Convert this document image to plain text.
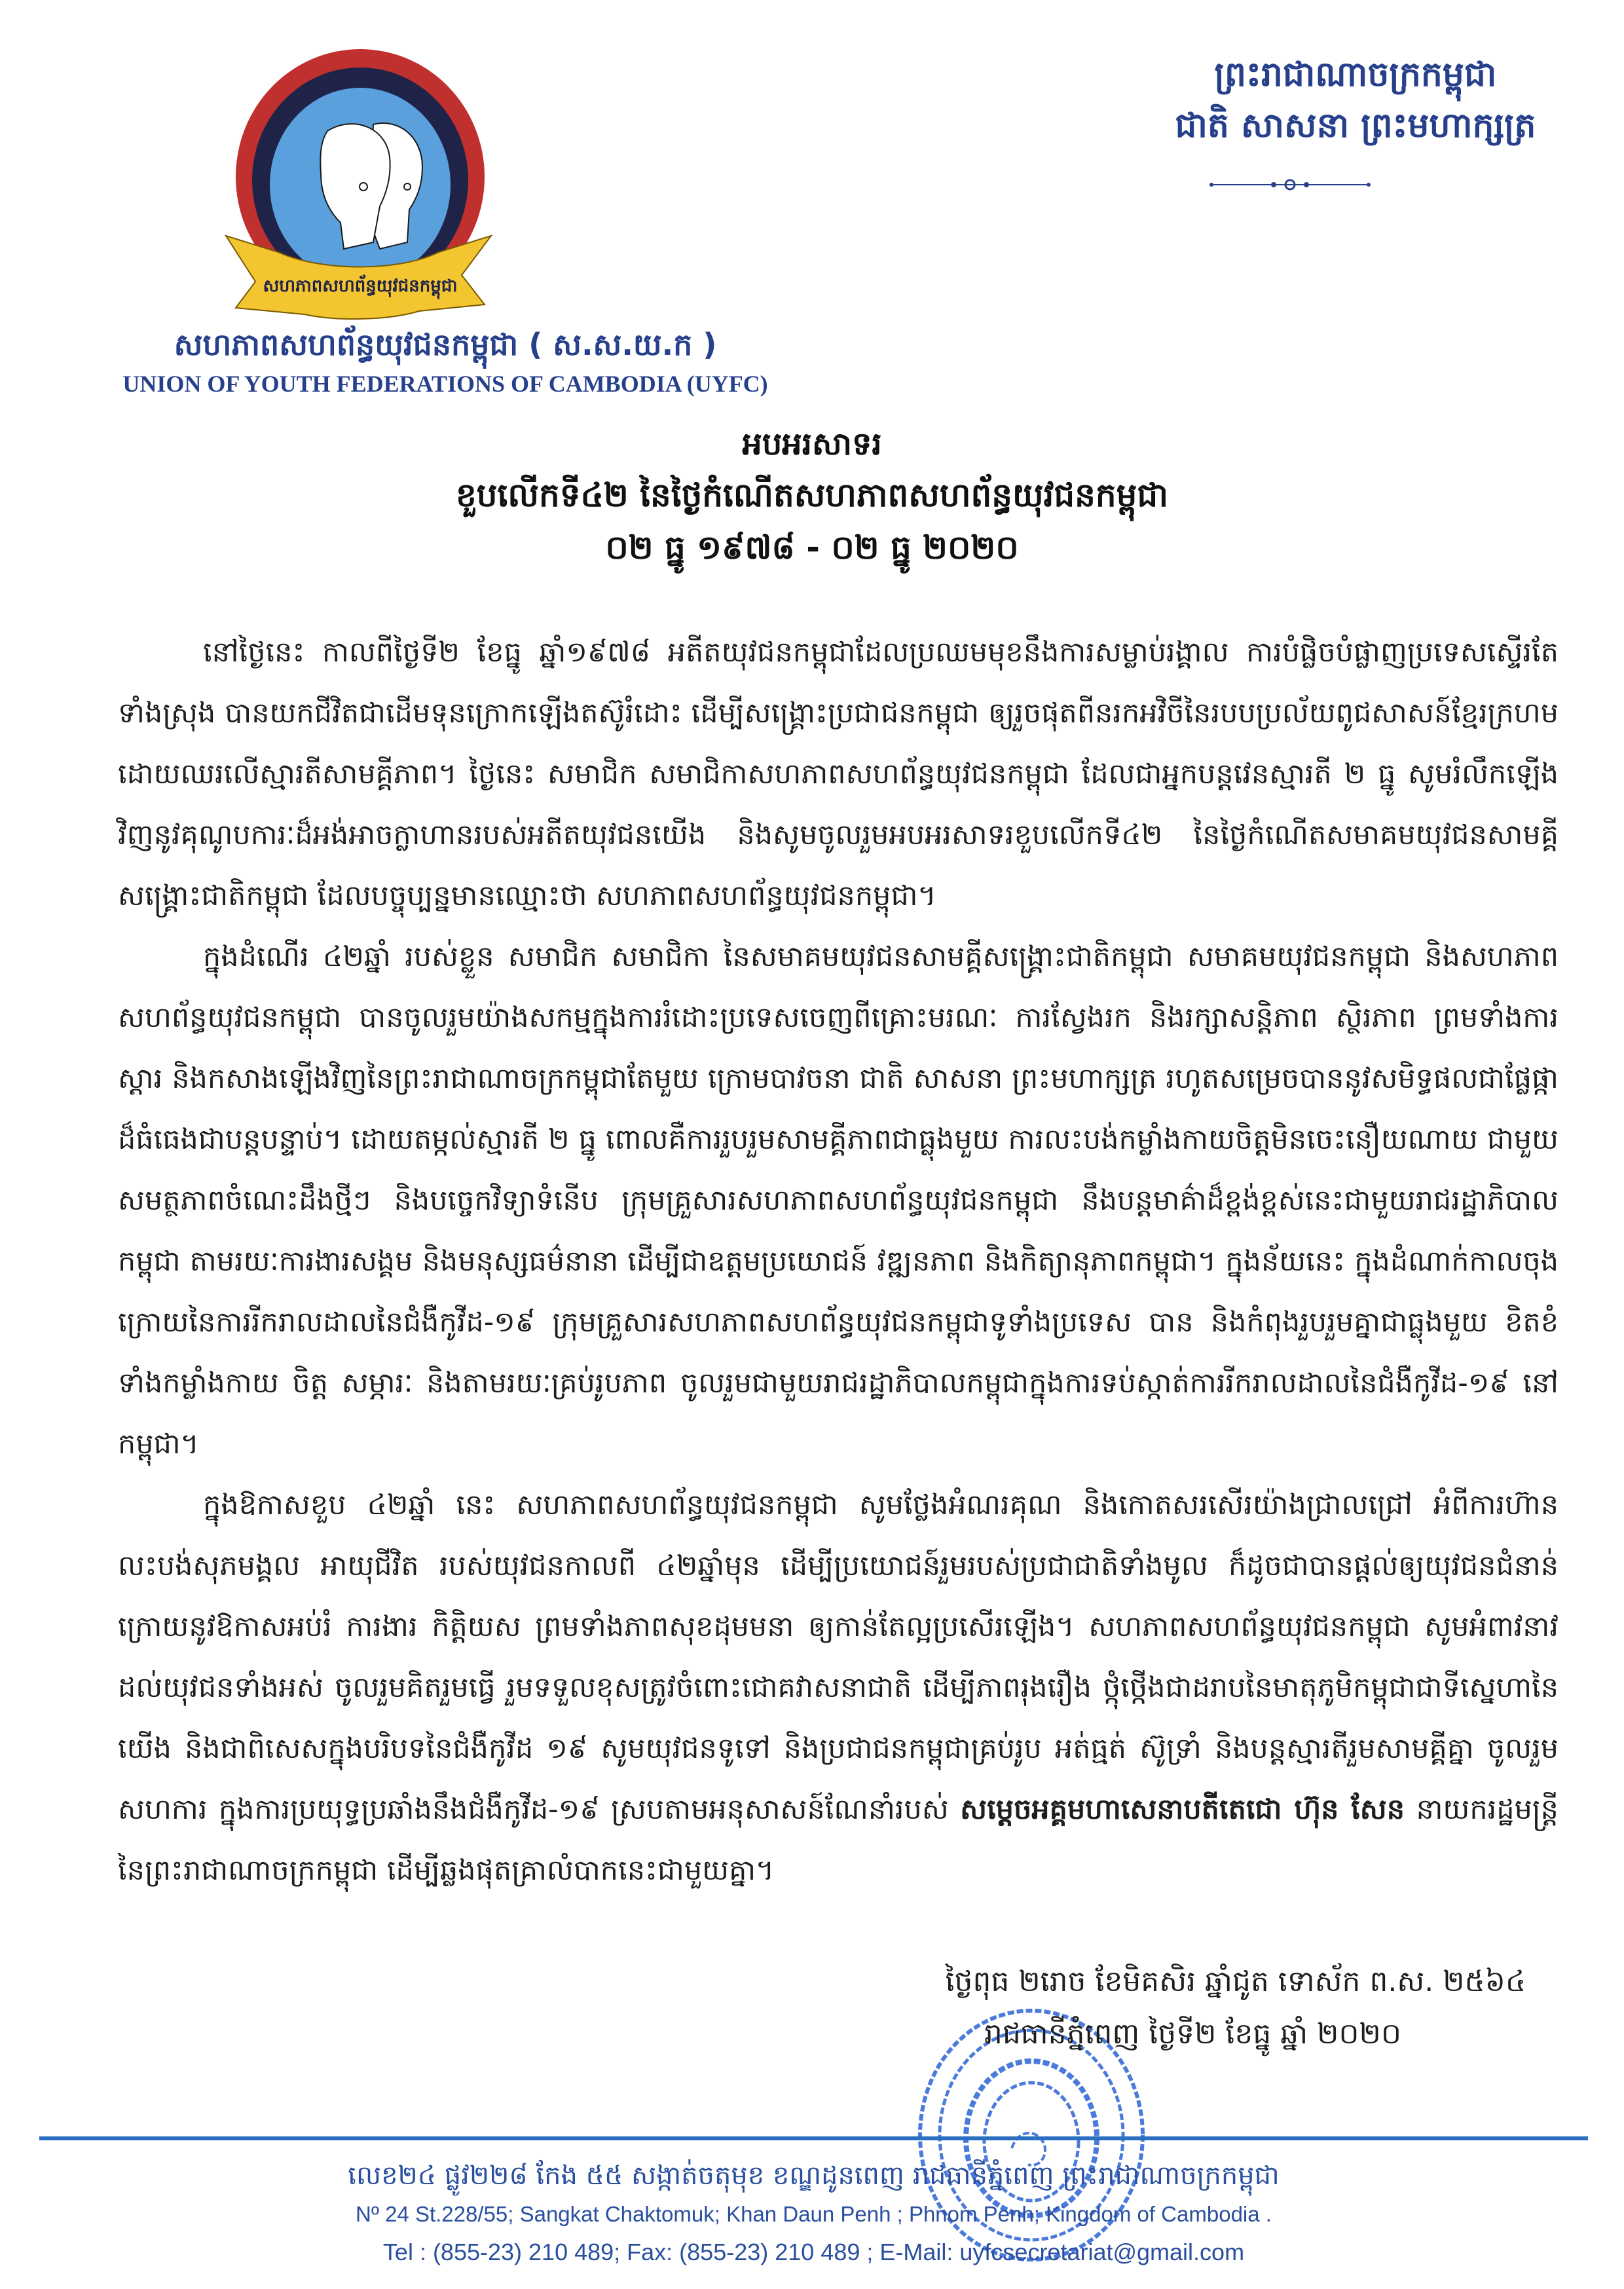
សហភាពសហព័ន្ធយុវជនកម្ពុជា
សហភាពសហព័ន្ធយុវជនកម្ពុជា ( ស.ស.យ.ក )
UNION OF YOUTH FEDERATIONS OF CAMBODIA (UYFC)
ព្រះរាជាណាចក្រកម្ពុជា
ជាតិ សាសនា ព្រះមហាក្សត្រ
អបអរសាទរ
ខួបលើកទី៤២ នៃថ្ងៃកំណើតសហភាពសហព័ន្ធយុវជនកម្ពុជា
០២ ធ្នូ ១៩៧៨ - ០២ ធ្នូ ២០២០

នៅថ្ងៃនេះ កាលពីថ្ងៃទី២ ខែធ្នូ ឆ្នាំ១៩៧៨ អតីតយុវជនកម្ពុជាដែលប្រឈមមុខនឹងការសម្លាប់រង្គាល ការបំផ្លិចបំផ្លាញប្រទេសស្ទើរតែទាំងស្រុង បានយកជីវិតជាដើមទុនក្រោកឡើងតស៊ូរំដោះ ដើម្បីសង្គ្រោះប្រជាជនកម្ពុជា ឲ្យរួចផុតពីនរកអវិចីនៃរបបប្រល័យពូជសាសន៍ខ្មែរក្រហម ដោយឈរលើស្មារតីសាមគ្គីភាព។ ថ្ងៃនេះ សមាជិក សមាជិកាសហភាពសហព័ន្ធយុវជនកម្ពុជា ដែលជាអ្នកបន្តវេនស្មារតី ២ ធ្នូ សូមរំលឹកឡើងវិញនូវគុណូបការៈដ៏អង់អាចក្លាហានរបស់អតីតយុវជនយើង និងសូមចូលរួមអបអរសាទរខួបលើកទី៤២ នៃថ្ងៃកំណើតសមាគមយុវជនសាមគ្គីសង្គ្រោះជាតិកម្ពុជា ដែលបច្ចុប្បន្នមានឈ្មោះថា សហភាពសហព័ន្ធយុវជនកម្ពុជា។

ក្នុងដំណើរ ៤២ឆ្នាំ របស់ខ្លួន សមាជិក សមាជិកា នៃសមាគមយុវជនសាមគ្គីសង្គ្រោះជាតិកម្ពុជា សមាគមយុវជនកម្ពុជា និងសហភាពសហព័ន្ធយុវជនកម្ពុជា បានចូលរួមយ៉ាងសកម្មក្នុងការរំដោះប្រទេសចេញពីគ្រោះមរណៈ ការស្វែងរក និងរក្សាសន្តិភាព ស្ថិរភាព ព្រមទាំងការស្តារ និងកសាងឡើងវិញនៃព្រះរាជាណាចក្រកម្ពុជាតែមួយ ក្រោមបាវចនា ជាតិ សាសនា ព្រះមហាក្សត្រ រហូតសម្រេចបាននូវសមិទ្ធផលជាផ្លែផ្កាដ៏ធំធេងជាបន្តបន្ទាប់។ ដោយតម្កល់ស្មារតី ២ ធ្នូ ពោលគឺការរួបរួមសាមគ្គីភាពជាធ្លុងមួយ ការលះបង់កម្លាំងកាយចិត្តមិនចេះនឿយណាយ ជាមួយសមត្ថភាពចំណេះដឹងថ្មីៗ និងបច្ចេកវិទ្យាទំនើប ក្រុមគ្រួសារសហភាពសហព័ន្ធយុវជនកម្ពុជា នឹងបន្តមាគ៌ាដ៏ខ្ពង់ខ្ពស់នេះជាមួយរាជរដ្ឋាភិបាលកម្ពុជា តាមរយៈការងារសង្គម និងមនុស្សធម៌នានា ដើម្បីជាឧត្តមប្រយោជន៍ វឌ្ឍនភាព និងកិត្យានុភាពកម្ពុជា។ ក្នុងន័យនេះ ក្នុងដំណាក់កាលចុងក្រោយនៃការរីករាលដាលនៃជំងឺកូវីដ-១៩ ក្រុមគ្រួសារសហភាពសហព័ន្ធយុវជនកម្ពុជាទូទាំងប្រទេស បាន និងកំពុងរួបរួមគ្នាជាធ្លុងមួយ ខិតខំ ទាំងកម្លាំងកាយ ចិត្ត សម្ភារៈ និងតាមរយៈគ្រប់រូបភាព ចូលរួមជាមួយរាជរដ្ឋាភិបាលកម្ពុជាក្នុងការទប់ស្កាត់ការរីករាលដាលនៃជំងឺកូវីដ-១៩ នៅកម្ពុជា។

ក្នុងឱកាសខួប ៤២ឆ្នាំ នេះ សហភាពសហព័ន្ធយុវជនកម្ពុជា សូមថ្លែងអំណរគុណ និងកោតសរសើរយ៉ាងជ្រាលជ្រៅ អំពីការហ៊ានលះបង់សុភមង្គល អាយុជីវិត របស់យុវជនកាលពី ៤២ឆ្នាំមុន ដើម្បីប្រយោជន៍រួមរបស់ប្រជាជាតិទាំងមូល ក៏ដូចជាបានផ្តល់ឲ្យយុវជនជំនាន់ក្រោយនូវឱកាសអប់រំ ការងារ កិត្តិយស ព្រមទាំងភាពសុខដុមមនា ឲ្យកាន់តែល្អប្រសើរឡើង។ សហភាពសហព័ន្ធយុវជនកម្ពុជា សូមអំពាវនាវដល់យុវជនទាំងអស់ ចូលរួមគិតរួមធ្វើ រួមទទួលខុសត្រូវចំពោះជោគវាសនាជាតិ ដើម្បីភាពរុងរឿង ថ្កុំថ្កើងជាដរាបនៃមាតុភូមិកម្ពុជាជាទីស្នេហានៃយើង និងជាពិសេសក្នុងបរិបទនៃជំងឺកូវីដ ១៩ សូមយុវជនទូទៅ និងប្រជាជនកម្ពុជាគ្រប់រូប អត់ធ្មត់ ស៊ូទ្រាំ និងបន្តស្មារតីរួមសាមគ្គីគ្នា ចូលរួមសហការ ក្នុងការប្រយុទ្ធប្រឆាំងនឹងជំងឺកូវីដ-១៩ ស្របតាមអនុសាសន៍ណែនាំរបស់ សម្តេចអគ្គមហាសេនាបតីតេជោ ហ៊ុន សែន នាយករដ្ឋមន្ត្រីនៃព្រះរាជាណាចក្រកម្ពុជា ដើម្បីឆ្លងផុតគ្រាលំបាកនេះជាមួយគ្នា។

ថ្ងៃពុធ ២រោច ខែមិគសិរ ឆ្នាំជូត ទោស័ក ព.ស. ២៥៦៤
រាជធានីភ្នំពេញ ថ្ងៃទី២ ខែធ្នូ ឆ្នាំ ២០២០
លេខ២៤ ផ្លូវ២២៨ កែង ៥៥ សង្កាត់ចតុមុខ ខណ្ឌដូនពេញ រាជធានីភ្នំពេញ ព្រះរាជាណាចក្រកម្ពុជា
Nº 24 St.228/55; Sangkat Chaktomuk; Khan Daun Penh ; Phnom Penh; Kingdom of Cambodia .
Tel : (855-23) 210 489; Fax: (855-23) 210 489 ; E-Mail: uyfcsecretariat@gmail.com
